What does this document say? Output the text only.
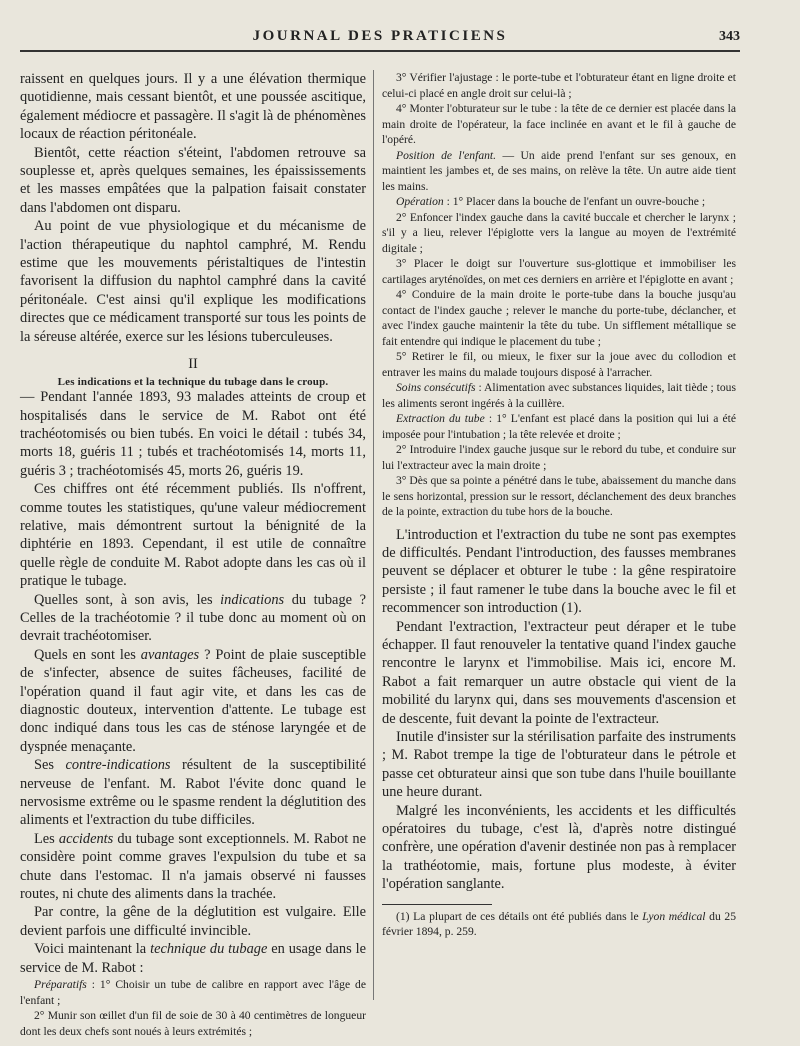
JOURNAL DES PRATICIENS	343

raissent en quelques jours. Il y a une élévation thermique quotidienne, mais cessant bientôt, et une poussée ascitique, également médiocre et passagère. Il s'agit là de phénomènes locaux de réaction péritonéale.

Bientôt, cette réaction s'éteint, l'abdomen retrouve sa souplesse et, après quelques semaines, les épaississements et les masses empâtées que la palpation faisait constater dans l'abdomen ont disparu.

Au point de vue physiologique et du mécanisme de l'action thérapeutique du naphtol camphré, M. Rendu estime que les mouvements péristaltiques de l'intestin favorisent la diffusion du naphtol camphré dans la cavité péritonéale. C'est ainsi qu'il explique les modifications directes que ce médicament transporté sur tous les points de la séreuse altérée, exerce sur les lésions tuberculeuses.

II
Les indications et la technique du tubage dans le croup.

— Pendant l'année 1893, 93 malades atteints de croup et hospitalisés dans le service de M. Rabot ont été trachéotomisés ou bien tubés. En voici le détail : tubés 34, morts 18, guéris 11 ; tubés et trachéotomisés 14, morts 11, guéris 3 ; trachéotomisés 45, morts 26, guéris 19.

Ces chiffres ont été récemment publiés. Ils n'offrent, comme toutes les statistiques, qu'une valeur médiocrement relative, mais démontrent surtout la bénignité de la diphtérie en 1893. Cependant, il est utile de connaître quelle règle de conduite M. Rabot adopte dans les cas où il pratique le tubage.

Quelles sont, à son avis, les indications du tubage ? Celles de la trachéotomie ? il tube donc au moment où on devrait trachéotomiser.

Quels en sont les avantages ? Point de plaie susceptible de s'infecter, absence de suites fâcheuses, facilité de l'opération quand il faut agir vite, et dans les cas de diagnostic douteux, intervention d'attente. Le tubage est donc indiqué dans tous les cas de sténose laryngée et de dyspnée menaçante.

Ses contre-indications résultent de la susceptibilité nerveuse de l'enfant. M. Rabot l'évite donc quand le nervosisme extrême ou le spasme rendent la déglutition des aliments et l'extraction du tube difficiles.

Les accidents du tubage sont exceptionnels. M. Rabot ne considère point comme graves l'expulsion du tube et sa chute dans l'estomac. Il n'a jamais observé ni fausses routes, ni chute des aliments dans la trachée.

Par contre, la gêne de la déglutition est vulgaire. Elle devient parfois une difficulté invincible.

Voici maintenant la technique du tubage en usage dans le service de M. Rabot :

Préparatifs : 1° Choisir un tube de calibre en rapport avec l'âge de l'enfant ;

2° Munir son œillet d'un fil de soie de 30 à 40 centimètres de longueur dont les deux chefs sont noués à leurs extrémités ;

3° Vérifier l'ajustage : le porte-tube et l'obturateur étant en ligne droite et celui-ci placé en angle droit sur celui-là ;

4° Monter l'obturateur sur le tube : la tête de ce dernier est placée dans la main droite de l'opérateur, la face inclinée en avant et le fil à gauche de l'opéré.

Position de l'enfant. — Un aide prend l'enfant sur ses genoux, en maintient les jambes et, de ses mains, on relève la tête. Un autre aide tient les mains.

Opération : 1° Placer dans la bouche de l'enfant un ouvre-bouche ;

2° Enfoncer l'index gauche dans la cavité buccale et chercher le larynx ; s'il y a lieu, relever l'épiglotte vers la langue au moyen de l'extrémité digitale ;

3° Placer le doigt sur l'ouverture sus-glottique et immobiliser les cartilages aryténoïdes, on met ces derniers en arrière et l'épiglotte en avant ;

4° Conduire de la main droite le porte-tube dans la bouche jusqu'au contact de l'index gauche ; relever le manche du porte-tube, déclancher, et avec l'index gauche maintenir la tête du tube. Un sifflement métallique se fait entendre qui indique le placement du tube ;

5° Retirer le fil, ou mieux, le fixer sur la joue avec du collodion et entraver les mains du malade toujours disposé à l'arracher.

Soins consécutifs : Alimentation avec substances liquides, lait tiède ; tous les aliments seront ingérés à la cuillère.

Extraction du tube : 1° L'enfant est placé dans la position qui lui a été imposée pour l'intubation ; la tête relevée et droite ;

2° Introduire l'index gauche jusque sur le rebord du tube, et conduire sur lui l'extracteur avec la main droite ;

3° Dès que sa pointe a pénétré dans le tube, abaissement du manche dans le sens horizontal, pression sur le ressort, déclanchement des deux branches de la pointe, extraction du tube hors de la bouche.

L'introduction et l'extraction du tube ne sont pas exemptes de difficultés. Pendant l'introduction, des fausses membranes peuvent se déplacer et obturer le tube : la gêne respiratoire persiste ; il faut ramener le tube dans la bouche avec le fil et recommencer son introduction (1).

Pendant l'extraction, l'extracteur peut déraper et le tube échapper. Il faut renouveler la tentative quand l'index gauche rencontre le larynx et l'immobilise. Mais ici, encore M. Rabot a fait remarquer un autre obstacle qui vient de la mobilité du larynx qui, dans ses mouvements d'ascension et de descente, fuit devant la pointe de l'extracteur.

Inutile d'insister sur la stérilisation parfaite des instruments ; M. Rabot trempe la tige de l'obturateur dans le pétrole et passe cet obturateur ainsi que son tube dans l'huile bouillante une heure durant.

Malgré les inconvénients, les accidents et les difficultés opératoires du tubage, c'est là, d'après notre distingué confrère, une opération d'avenir destinée non pas à remplacer la trathéotomie, mais, fortune plus modeste, à éviter l'opération sanglante.

(1) La plupart de ces détails ont été publiés dans le Lyon médical du 25 février 1894, p. 259.
